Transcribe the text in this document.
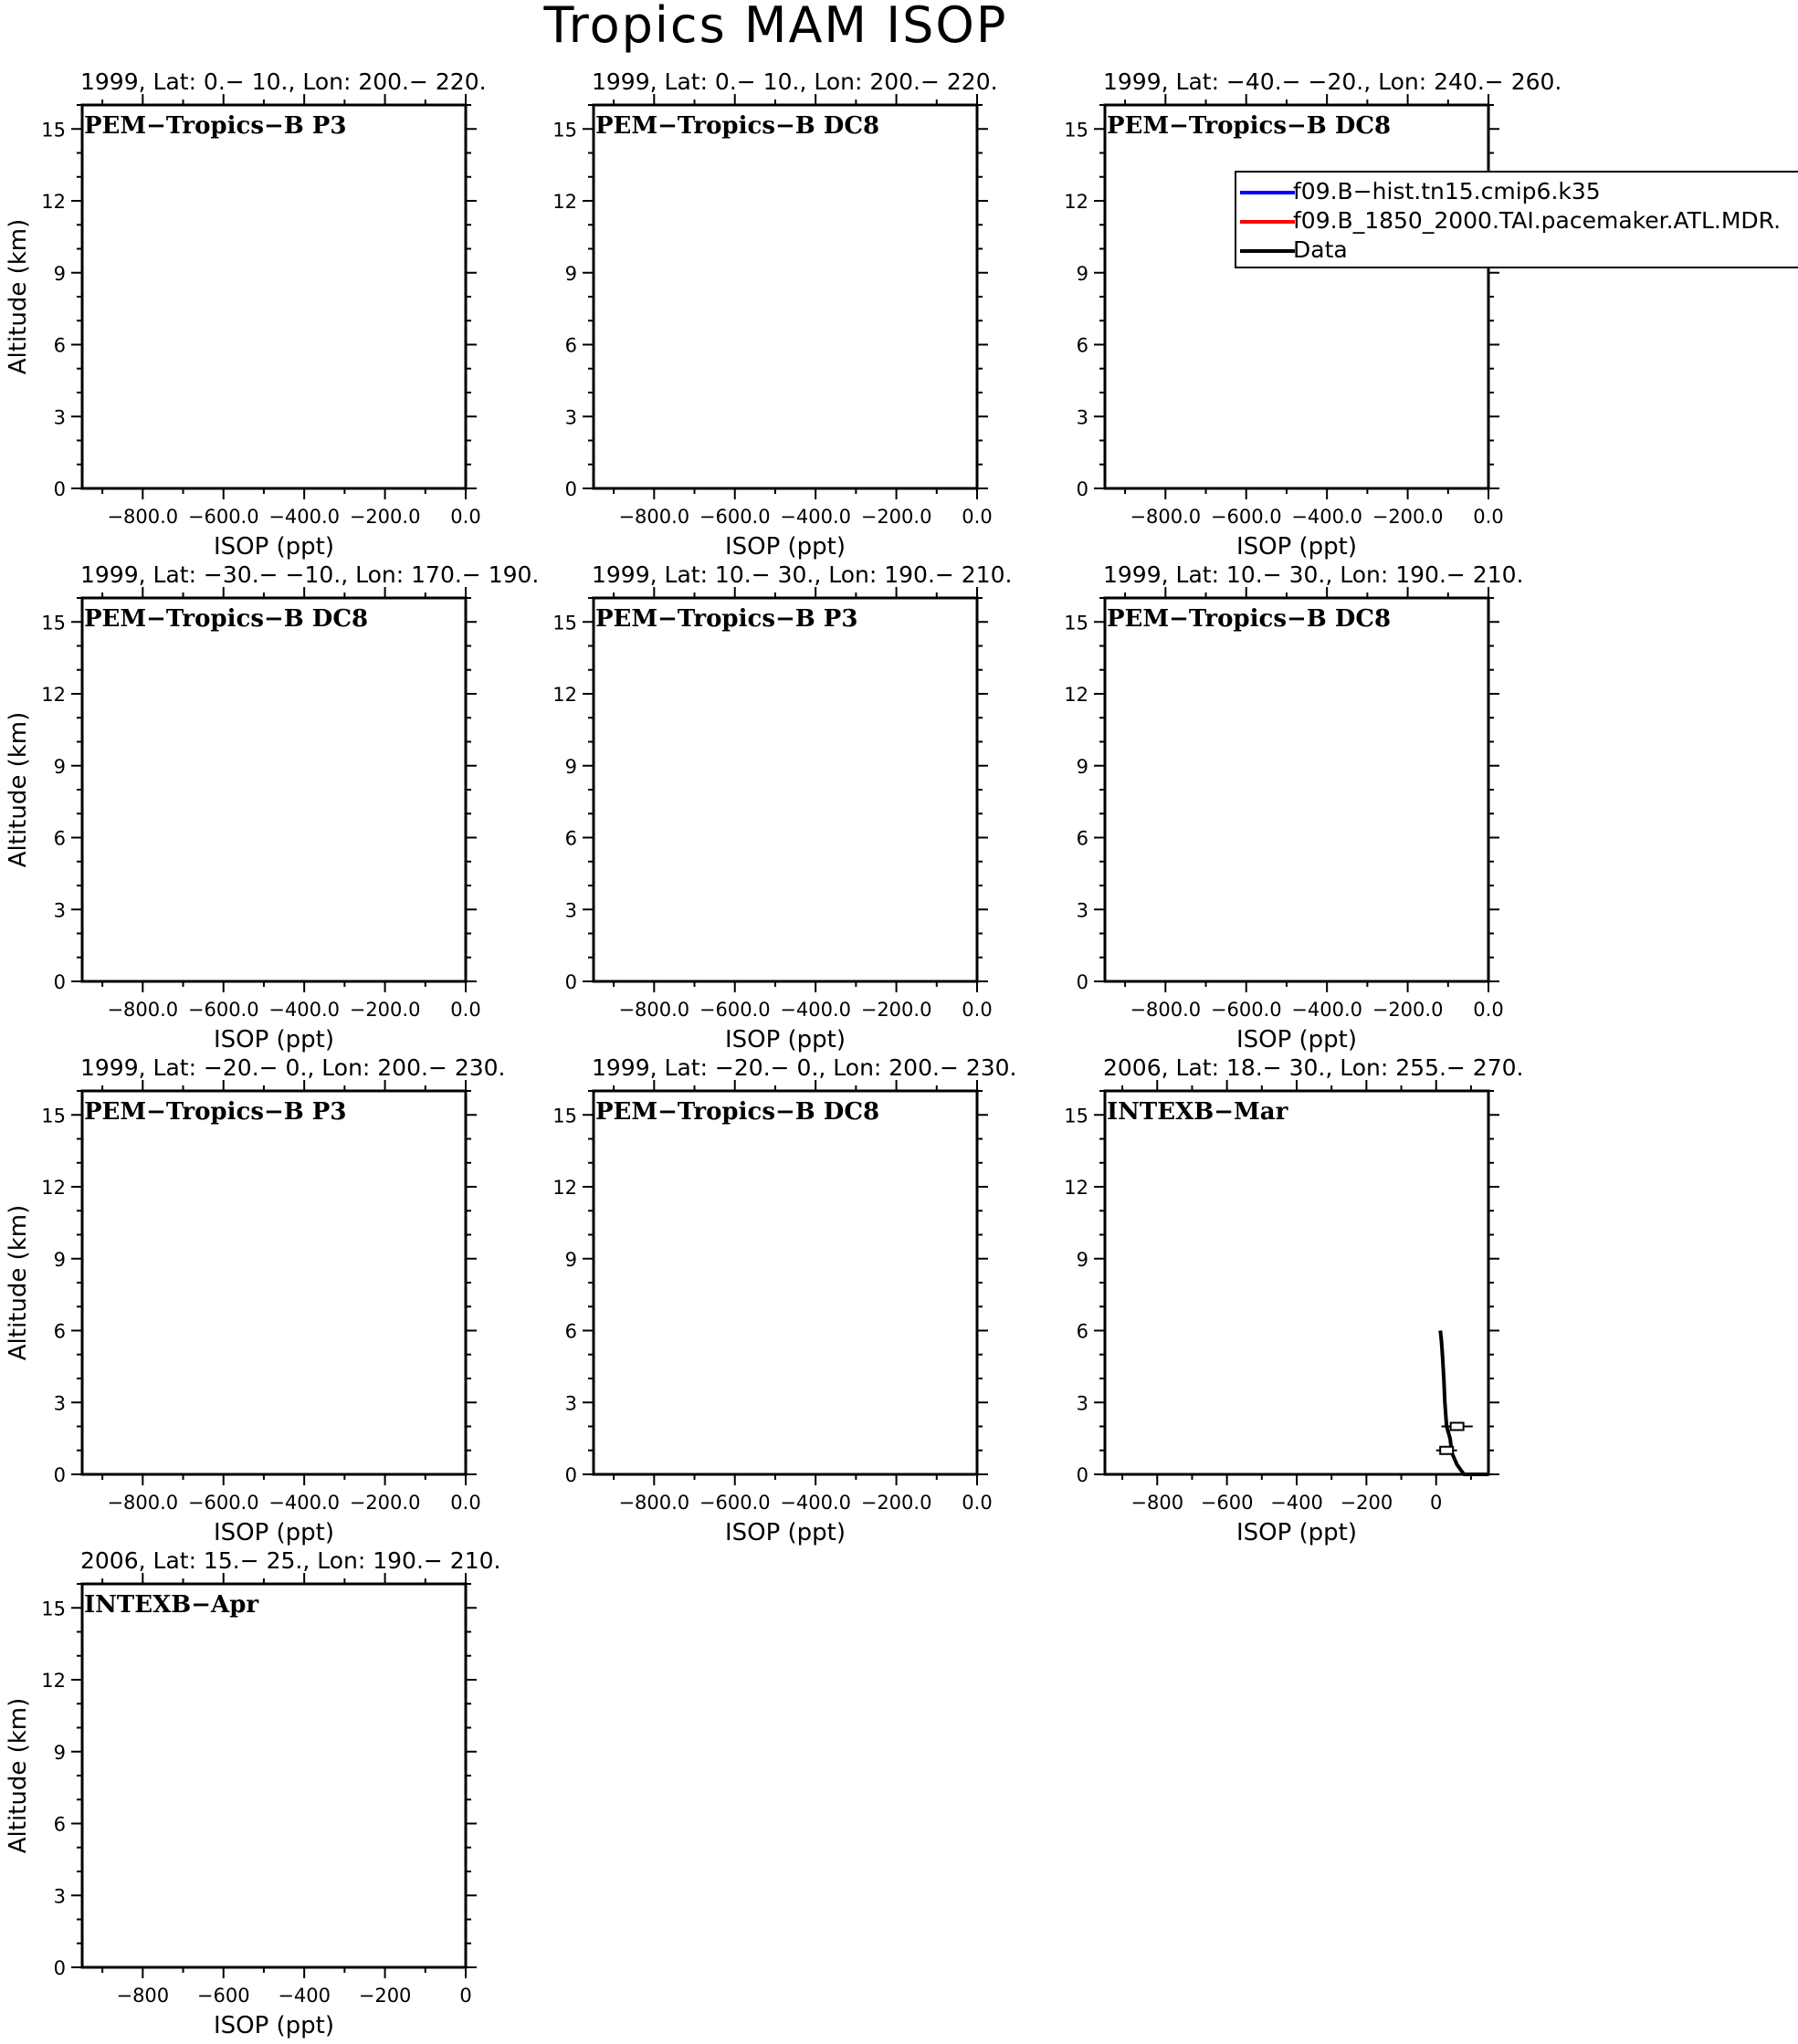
Tropics MAM ISOP
1999, Lat: 0.− 10., Lon: 200.− 220.
−800.0 −600.0 −400.0 −200.0 0.0
0
3
6
9
12
15
ISOP (ppt)
Altitude (km)
PEM−Tropics−B P3
1999, Lat: 0.− 10., Lon: 200.− 220.
−800.0 −600.0 −400.0 −200.0 0.0
0
3
6
9
12
15
ISOP (ppt)
PEM−Tropics−B DC8
1999, Lat: −40.− −20., Lon: 240.− 260.
−800.0 −600.0 −400.0 −200.0 0.0
0
3
6
9
12
15
ISOP (ppt)
PEM−Tropics−B DC8
1999, Lat: −30.− −10., Lon: 170.− 190.
−800.0 −600.0 −400.0 −200.0 0.0
0
3
6
9
12
15
ISOP (ppt)
Altitude (km)
PEM−Tropics−B DC8
1999, Lat: 10.− 30., Lon: 190.− 210.
−800.0 −600.0 −400.0 −200.0 0.0
0
3
6
9
12
15
ISOP (ppt)
PEM−Tropics−B P3
1999, Lat: 10.− 30., Lon: 190.− 210.
−800.0 −600.0 −400.0 −200.0 0.0
0
3
6
9
12
15
ISOP (ppt)
PEM−Tropics−B DC8
1999, Lat: −20.− 0., Lon: 200.− 230.
−800.0 −600.0 −400.0 −200.0 0.0
0
3
6
9
12
15
ISOP (ppt)
Altitude (km)
PEM−Tropics−B P3
1999, Lat: −20.− 0., Lon: 200.− 230.
−800.0 −600.0 −400.0 −200.0 0.0
0
3
6
9
12
15
ISOP (ppt)
PEM−Tropics−B DC8
2006, Lat: 18.− 30., Lon: 255.− 270.
−800 −600 −400 −200 0
0
3
6
9
12
15
ISOP (ppt)
INTEXB−Mar
2006, Lat: 15.− 25., Lon: 190.− 210.
−800 −600 −400 −200	0
0
3
6
9
12
15
ISOP (ppt)
Altitude (km)
INTEXB−Apr
f09.B−hist.tn15.cmip6.k35
f09.B_1850_2000.TAI.pacemaker.ATL.MDR.
Data
